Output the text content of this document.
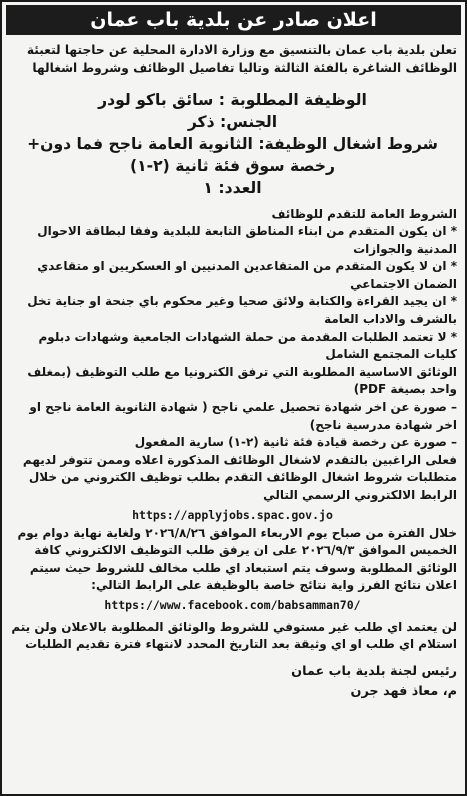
اعلان صادر عن بلدية باب عمان

تعلن بلدية باب عمان بالتنسيق مع وزارة الادارة المحلية عن حاجتها لتعبئة الوظائف الشاغرة بالفئة الثالثة وتاليا تفاصيل الوظائف وشروط اشغالها

الوظيفة المطلوبة : سائق باكو لودر

الجنس: ذكر

شروط اشغال الوظيفة: الثانوية العامة ناجح فما دون+ رخصة سوق فئة ثانية (٢-١)

العدد: ١

الشروط العامة للتقدم للوظائف

* ان يكون المتقدم من ابناء المناطق التابعة للبلدية وفقا لبطاقة الاحوال المدنية والجوازات

* ان لا يكون المتقدم من المتقاعدين المدنيين او العسكريين او متقاعدي الضمان الاجتماعي

* ان يجيد القراءة والكتابة ولائق صحيا وغير محكوم باي جنحة او جناية تخل بالشرف والاداب العامة

* لا تعتمد الطلبات المقدمة من حملة الشهادات الجامعية وشهادات دبلوم كليات المجتمع الشامل

الوثائق الاساسية المطلوبة التي ترفق الكترونيا مع طلب التوظيف (بمغلف واحد بصيغة PDF)

– صورة عن اخر شهادة تحصيل علمي ناجح ( شهادة الثانوية العامة ناجح او اخر شهادة مدرسية ناجح)

– صورة عن رخصة قيادة فئة ثانية (٢-١) سارية المفعول

فعلى الراغبين بالتقدم لاشغال الوظائف المذكورة اعلاه وممن تتوفر لديهم متطلبات شروط اشغال الوظائف التقدم بطلب توظيف الكتروني من خلال الرابط الالكتروني الرسمي التالي

https://applyjobs.spac.gov.jo

خلال الفترة من صباح يوم الاربعاء الموافق ٢٠٢٦/٨/٢٦ ولغاية نهاية دوام يوم الخميس الموافق ٢٠٢٦/٩/٣ على ان يرفق طلب التوظيف الالكتروني كافة الوثائق المطلوبة وسوف يتم استبعاد اي طلب مخالف للشروط حيث سيتم اعلان نتائج الفرز واية نتائج خاصة بالوظيفة على الرابط التالي:

https://www.facebook.com/babsamman70/

لن يعتمد اي طلب غير مستوفي للشروط والوثائق المطلوبة بالاعلان ولن يتم استلام اي طلب او اي وثيقة بعد التاريخ المحدد لانتهاء فترة تقديم الطلبات

رئيس لجنة بلدية باب عمان

م، معاذ فهد جرن
